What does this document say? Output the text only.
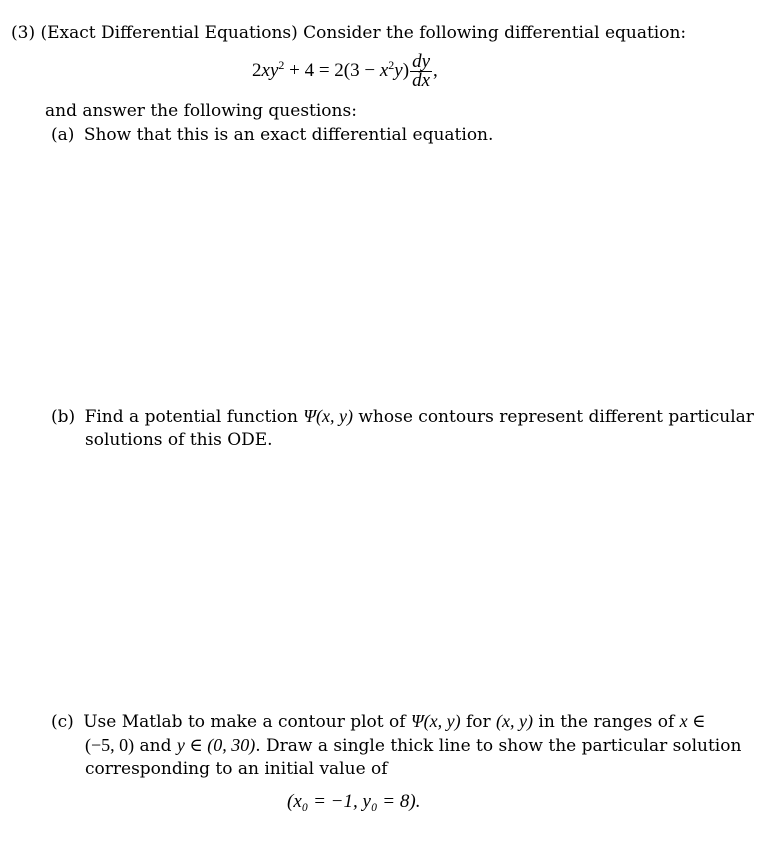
(3) (Exact Differential Equations) Consider the following differential equation:
$2xy^2 + 4 = 2(3 - x^2y) \frac{dy}{dx}$ ,
and answer the following questions:
(a) Show that this is an exact differential equation.
(b) Find a potential function Ψ(x, y) whose contours represent different particular
solutions of this ODE.
(c) Use Matlab to make a contour plot of Ψ(x, y) for (x, y) in the ranges of x ∈
(−5, 0) and y ∈ (0, 30). Draw a single thick line to show the particular solution
corresponding to an initial value of
(x₀ = −1, y₀ = 8).
